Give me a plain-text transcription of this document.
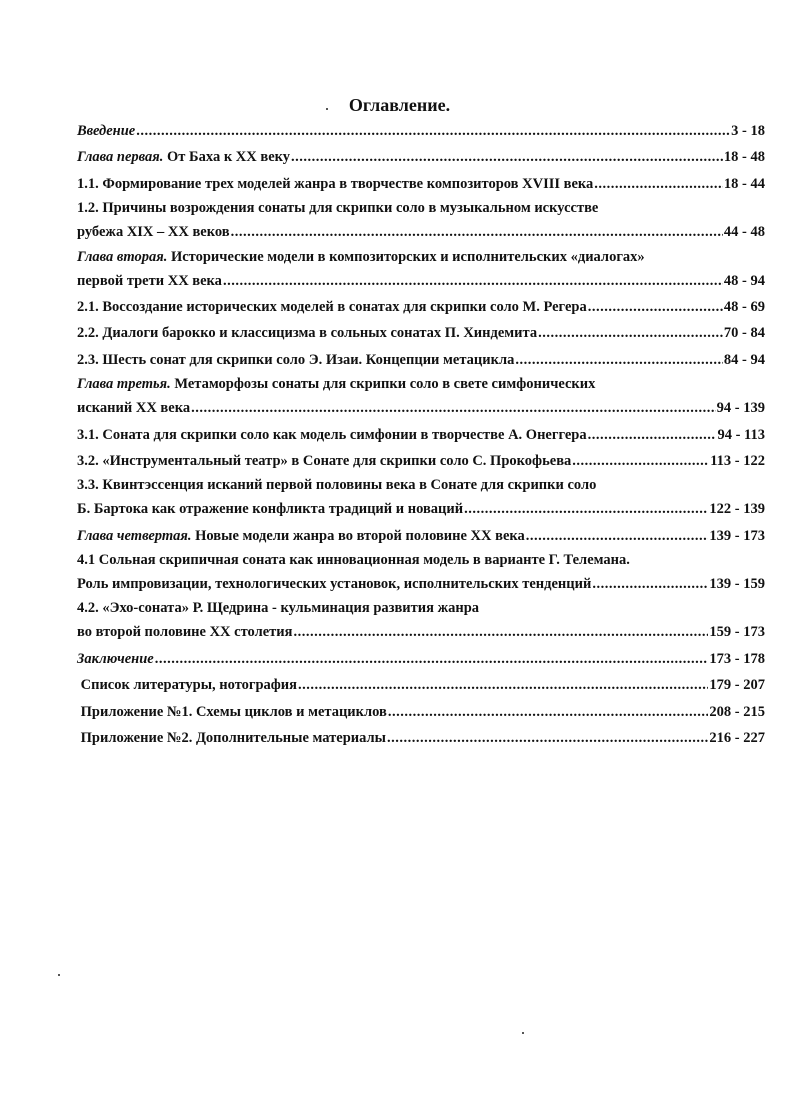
Оглавление.
Введение .....	3 - 18
Глава первая.
От Баха к XX веку .....	18 - 48
1.1. Формирование трех моделей жанра в творчестве композиторов XVIII века .....	18 - 44
1.2. Причины возрождения сонаты для скрипки соло в музыкальном искусстве
рубежа XIX – XX веков .....	44 - 48
Глава вторая.
Исторические модели в композиторских и исполнительских «диалогах»
первой трети XX века .....	48 - 94
2.1. Воссоздание исторических моделей в сонатах для скрипки соло М. Регера .....	48 - 69
2.2. Диалоги барокко и классицизма в сольных сонатах П. Хиндемита .....	70 - 84
2.3. Шесть сонат для скрипки соло Э. Изаи. Концепции метацикла .....	84 - 94
Глава третья.
Метаморфозы сонаты для скрипки соло в свете симфонических
исканий XX века .....	94 - 139
3.1. Соната для скрипки соло как модель симфонии в творчестве А. Онеггера .....	94 - 113
3.2. «Инструментальный театр» в Сонате для скрипки соло С. Прокофьева .....	113 - 122
3.3. Квинтэссенция исканий первой половины века в Сонате для скрипки соло
Б. Бартока как отражение конфликта традиций и новаций .....	122 - 139
Глава четвертая.
Новые модели жанра во второй половине XX века .....	139 - 173
4.1 Сольная скрипичная соната как инновационная модель в варианте Г. Телемана.
Роль импровизации, технологических установок, исполнительских тенденций .....	139 - 159
4.2. «Эхо-соната» Р. Щедрина - кульминация развития жанра
во второй половине XX столетия .....	159 - 173
Заключение .....	173 - 178

Список литературы, нотография .....	179 - 207

Приложение №1. Схемы циклов и метациклов .....	208 - 215

Приложение №2. Дополнительные материалы .....	216 - 227
